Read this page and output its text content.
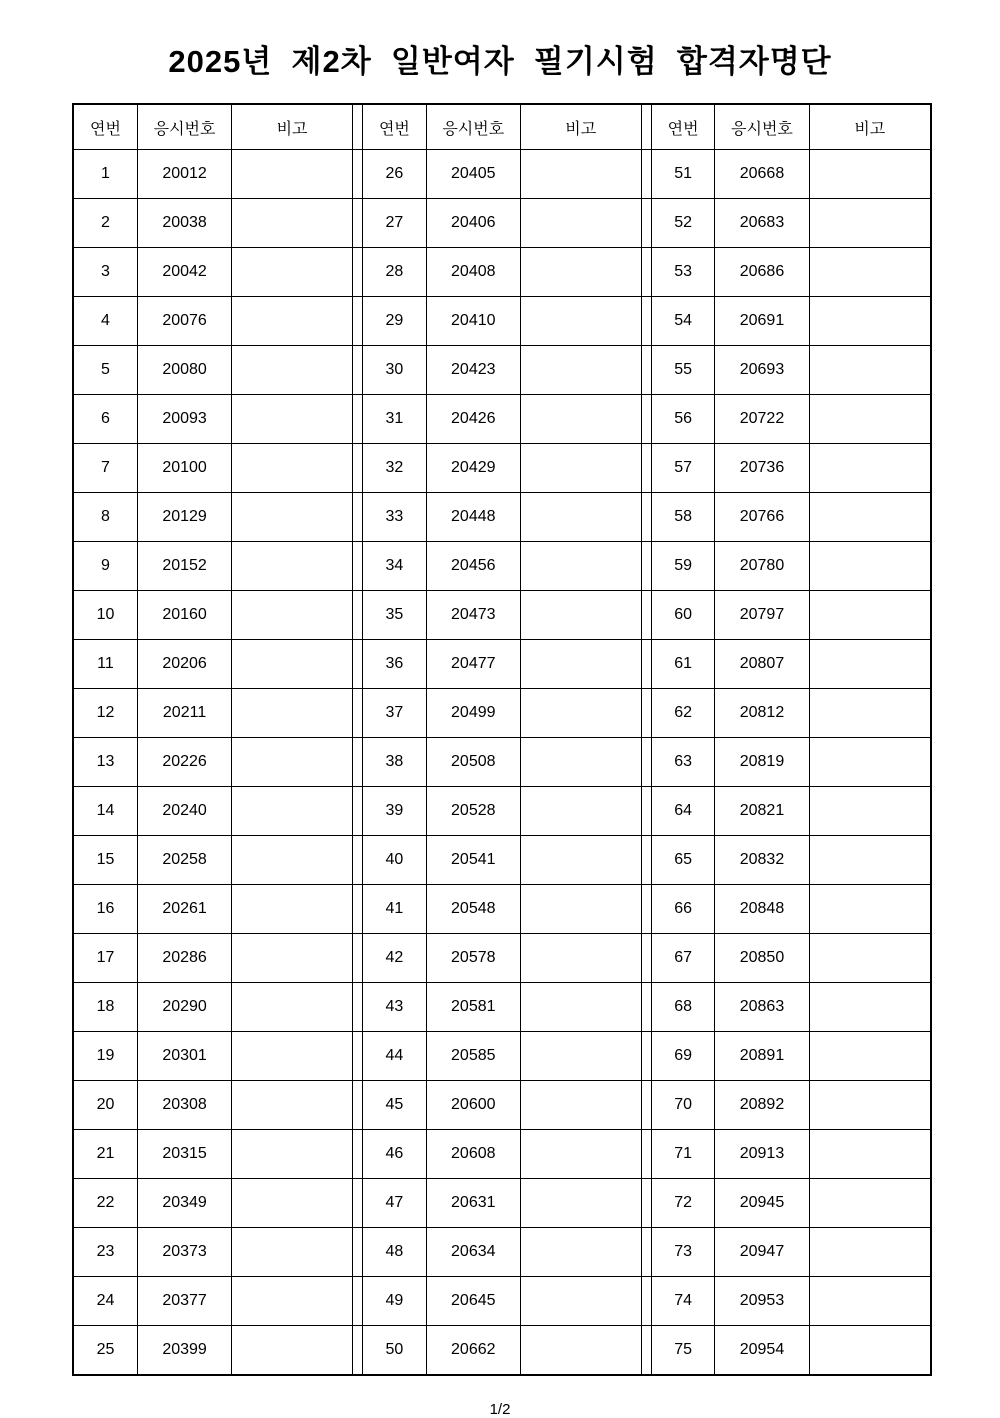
2025년  제2차  일반여자  필기시험  합격자명단
연번	응시번호	비고		연번	응시번호	비고		연번	응시번호	비고
1	20012			26	20405			51	20668	
2	20038			27	20406			52	20683	
3	20042			28	20408			53	20686	
4	20076			29	20410			54	20691	
5	20080			30	20423			55	20693	
6	20093			31	20426			56	20722	
7	20100			32	20429			57	20736	
8	20129			33	20448			58	20766	
9	20152			34	20456			59	20780	
10	20160			35	20473			60	20797	
11	20206			36	20477			61	20807	
12	20211			37	20499			62	20812	
13	20226			38	20508			63	20819	
14	20240			39	20528			64	20821	
15	20258			40	20541			65	20832	
16	20261			41	20548			66	20848	
17	20286			42	20578			67	20850	
18	20290			43	20581			68	20863	
19	20301			44	20585			69	20891	
20	20308			45	20600			70	20892	
21	20315			46	20608			71	20913	
22	20349			47	20631			72	20945	
23	20373			48	20634			73	20947	
24	20377			49	20645			74	20953	
25	20399			50	20662			75	20954	
1/2
